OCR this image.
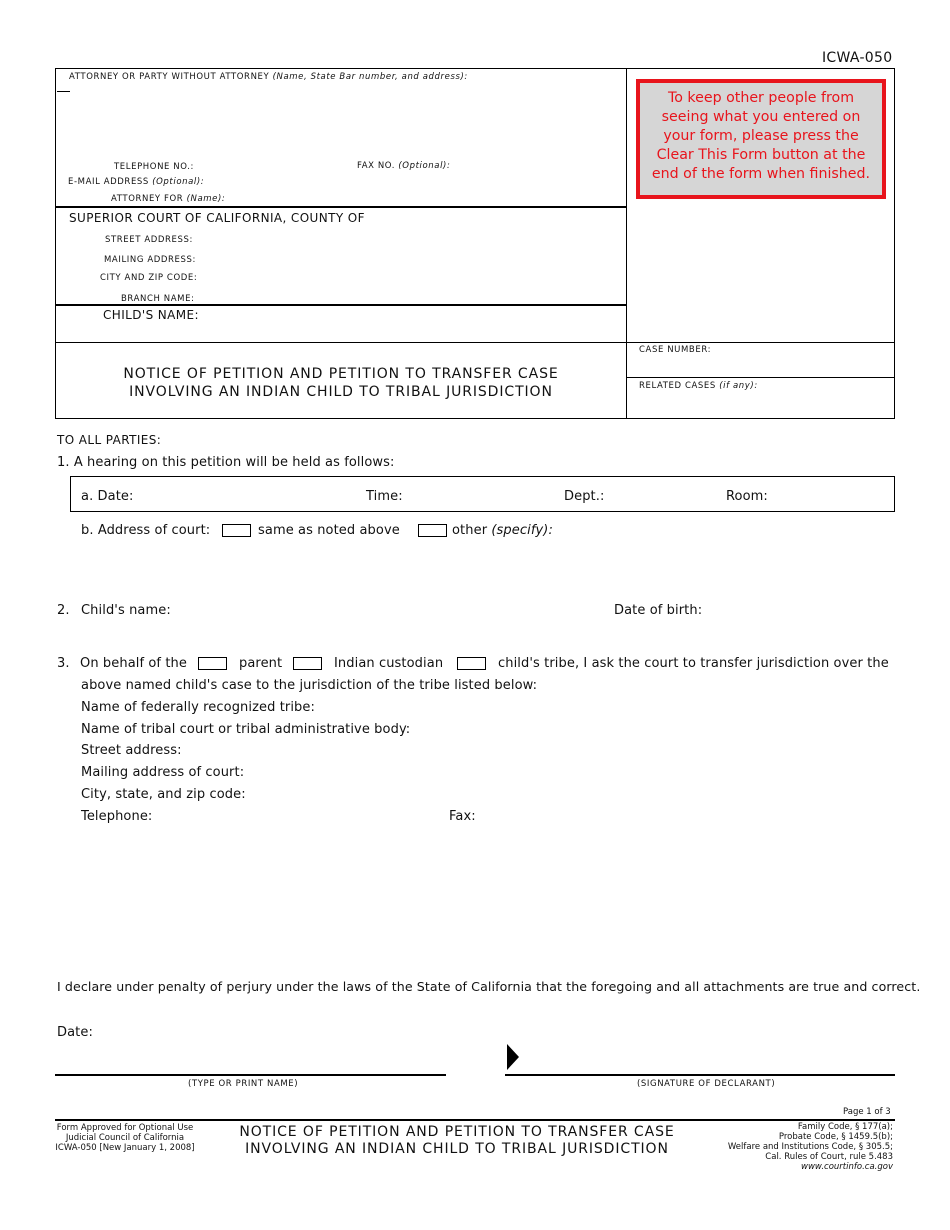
ICWA-050
ATTORNEY OR PARTY WITHOUT ATTORNEY (Name, State Bar number, and address):
TELEPHONE NO.:	FAX NO. (Optional):
E-MAIL ADDRESS (Optional):
ATTORNEY FOR (Name):
SUPERIOR COURT OF CALIFORNIA, COUNTY OF
STREET ADDRESS:
MAILING ADDRESS:
CITY AND ZIP CODE:
BRANCH NAME:
CHILD'S NAME:
To keep other people from seeing what you entered on your form, please press the Clear This Form button at the end of the form when finished.
NOTICE OF PETITION AND PETITION TO TRANSFER CASE
INVOLVING AN INDIAN CHILD TO TRIBAL JURISDICTION
CASE NUMBER:
RELATED CASES (if any):
TO ALL PARTIES:
1. A hearing on this petition will be held as follows:
a. Date:	Time:	Dept.:	Room:
b. Address of court:	same as noted above	other (specify):
2. Child's name:	Date of birth:
3. On behalf of the	parent	Indian custodian	child's tribe, I ask the court to transfer jurisdiction over the
above named child's case to the jurisdiction of the tribe listed below:
Name of federally recognized tribe:
Name of tribal court or tribal administrative body:
Street address:
Mailing address of court:
City, state, and zip code:
Telephone:	Fax:
I declare under penalty of perjury under the laws of the State of California that the foregoing and all attachments are true and correct.
Date:
(TYPE OR PRINT NAME)	(SIGNATURE OF DECLARANT)
Page 1 of 3
Form Approved for Optional Use
Judicial Council of California
ICWA-050 [New January 1, 2008]
NOTICE OF PETITION AND PETITION TO TRANSFER CASE
INVOLVING AN INDIAN CHILD TO TRIBAL JURISDICTION
Family Code, § 177(a);
Probate Code, § 1459.5(b);
Welfare and Institutions Code, § 305.5;
Cal. Rules of Court, rule 5.483
www.courtinfo.ca.gov
